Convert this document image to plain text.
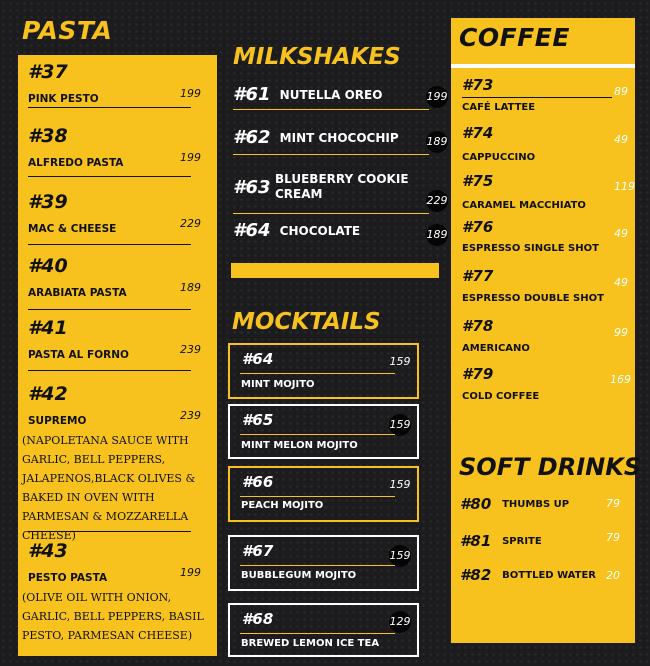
PASTA
#37
PINK PESTO	199
#38
ALFREDO PASTA	199
#39
MAC & CHEESE	229
#40
ARABIATA PASTA	189
#41
PASTA AL FORNO	239
#42
SUPREMO	239
(NAPOLETANA SAUCE WITH GARLIC, BELL PEPPERS, JALAPENOS,BLACK OLIVES & BAKED IN OVEN WITH PARMESAN & MOZZARELLA CHEESE)
#43
PESTO PASTA	199
(OLIVE OIL WITH ONION, GARLIC, BELL PEPPERS, BASIL PESTO, PARMESAN CHEESE)
MILKSHAKES
#61 NUTELLA OREO	199
#62 MINT CHOCOCHIP	189
#63 BLUEBERRY COOKIE CREAM	229
#64 CHOCOLATE	189
MOCKTAILS
#64	159
MINT MOJITO
#65	159
MINT MELON MOJITO
#66	159
PEACH MOJITO
#67	159
BUBBLEGUM MOJITO
#68	129
BREWED LEMON ICE TEA
COFFEE
#73	89
CAFÉ LATTEE
#74	49
CAPPUCCINO
#75	119
CARAMEL MACCHIATO
#76	49
ESPRESSO SINGLE SHOT
#77	49
ESPRESSO DOUBLE SHOT
#78	99
AMERICANO
#79	169
COLD COFFEE
SOFT DRINKS
#80 THUMBS UP	79
#81 SPRITE	79
#82 BOTTLED WATER 20
